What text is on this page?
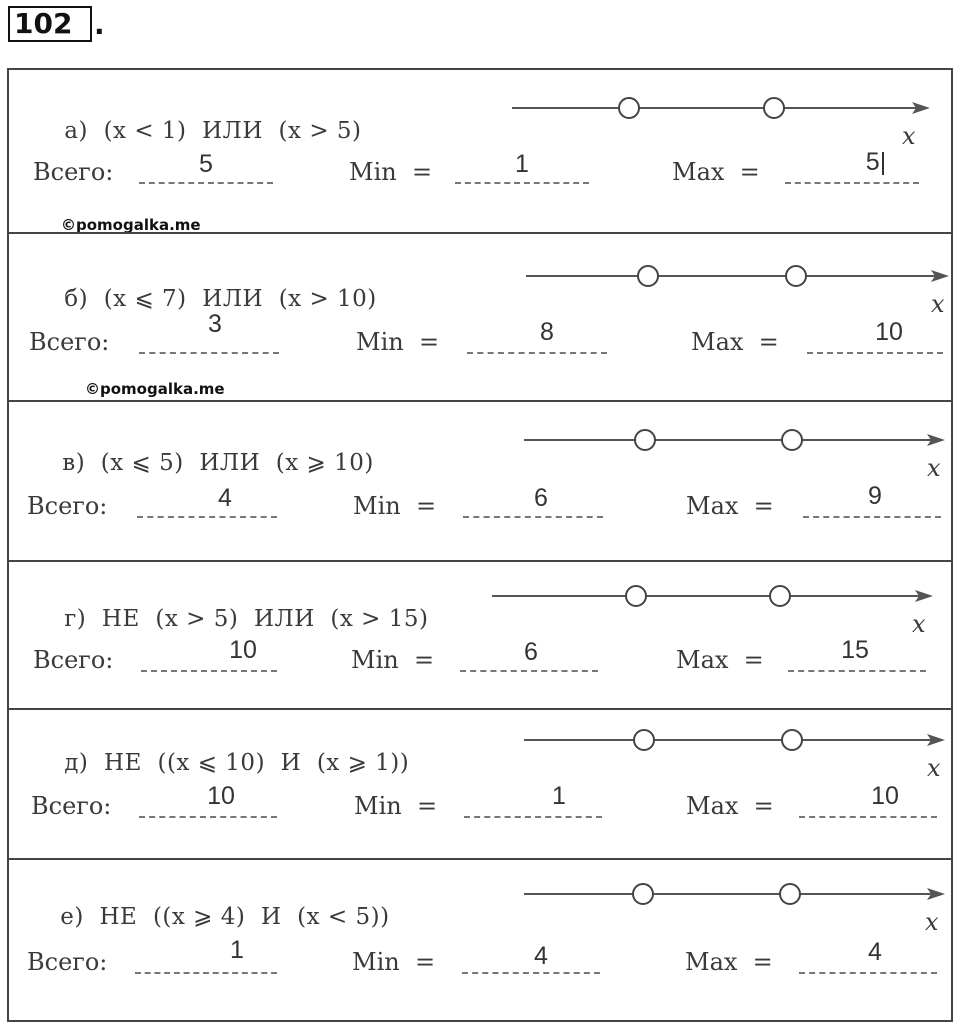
102 .

а) (x < 1)  ИЛИ  (x > 5)
	x
Всего:	5	Min  =	1	Max  =	5|
©pomogalka.me

б) (x ⩽ 7)  ИЛИ  (x > 10)
	x
Всего:
3
Min  =	8	Max  =	10
©pomogalka.me

в) (x ⩽ 5)  ИЛИ  (x ⩾ 10)
	x
Всего:	4	Min  =	6	Max  =	9

г) НЕ  (x > 5)  ИЛИ  (x > 15)
	x
Всего:	10	Min  =	6	Max  =	15

д) НЕ  ((x ⩽ 10)  И  (x ⩾ 1))
	x
Всего:	10	Min  =	1	Max  =	10

е) НЕ  ((x ⩾ 4)  И  (x < 5))
	x
Всего:	1	Min  =	4	Max  =	4
